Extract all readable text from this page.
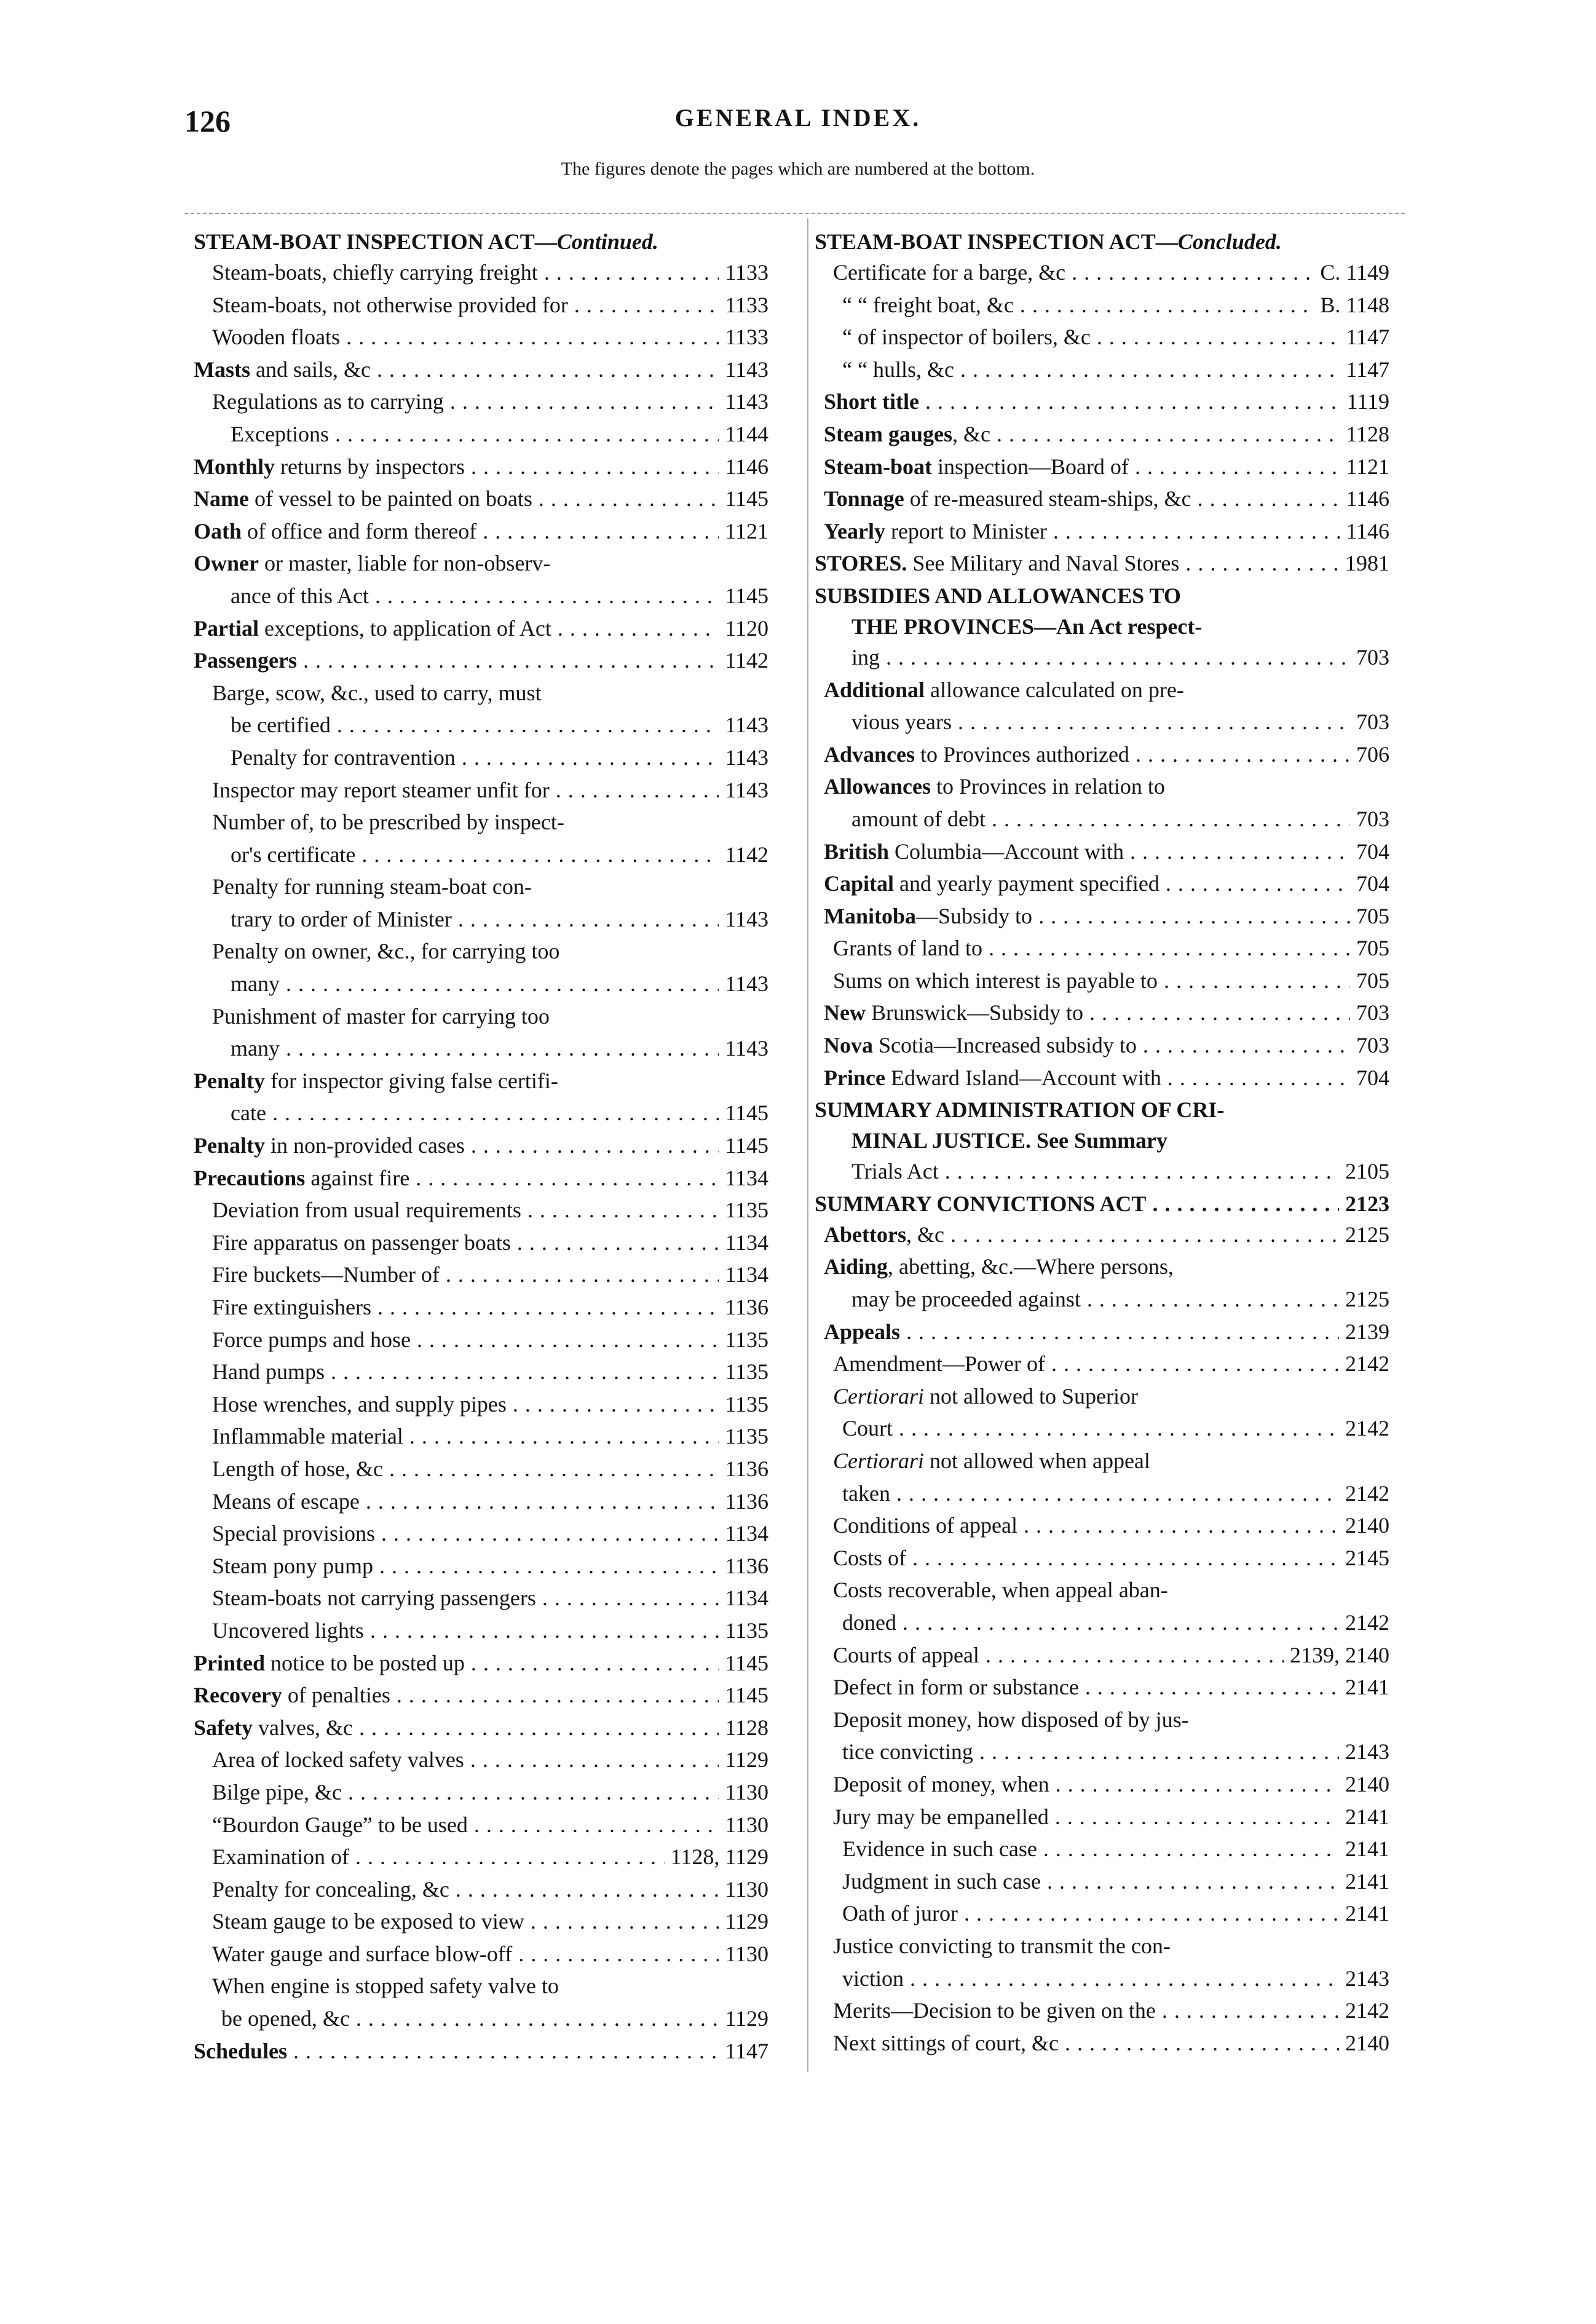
126	GENERAL INDEX.
The figures denote the pages which are numbered at the bottom.
STEAM-BOAT INSPECTION ACT—Continued.
Steam-boats, chiefly carrying freight . . .	1133
Steam-boats, not otherwise provided for . . .	1133
Wooden floats . . .	1133
Masts and sails, &c . . .	1143
Regulations as to carrying . . .	1143
Exceptions . . .	1144
Monthly returns by inspectors . . .	1146
Name of vessel to be painted on boats . . .	1145
Oath of office and form thereof . . .	1121
Owner or master, liable for non-observ-
ance of this Act . . .	1145
Partial exceptions, to application of Act . . .	1120
Passengers . . .	1142
Barge, scow, &c., used to carry, must
be certified . . .	1143
Penalty for contravention . . .	1143
Inspector may report steamer unfit for . . .	1143
Number of, to be prescribed by inspect-
or's certificate . . .	1142
Penalty for running steam-boat con-
trary to order of Minister . . .	1143
Penalty on owner, &c., for carrying too
many . . .	1143
Punishment of master for carrying too
many . . .	1143
Penalty for inspector giving false certifi-
cate . . .	1145
Penalty in non-provided cases . . .	1145
Precautions against fire . . .	1134
Deviation from usual requirements . . .	1135
Fire apparatus on passenger boats . . .	1134
Fire buckets—Number of . . .	1134
Fire extinguishers . . .	1136
Force pumps and hose . . .	1135
Hand pumps . . .	1135
Hose wrenches, and supply pipes . . .	1135
Inflammable material . . .	1135
Length of hose, &c . . .	1136
Means of escape . . .	1136
Special provisions . . .	1134
Steam pony pump . . .	1136
Steam-boats not carrying passengers . . .	1134
Uncovered lights . . .	1135
Printed notice to be posted up . . .	1145
Recovery of penalties . . .	1145
Safety valves, &c . . .	1128
Area of locked safety valves . . .	1129
Bilge pipe, &c . . .	1130
“Bourdon Gauge” to be used . . .	1130
Examination of . . .	1128, 1129
Penalty for concealing, &c . . .	1130
Steam gauge to be exposed to view . . .	1129
Water gauge and surface blow-off . . .	1130
When engine is stopped safety valve to
be opened, &c . . .	1129
Schedules . . .	1147
STEAM-BOAT INSPECTION ACT—Concluded.
Certificate for a barge, &c . . .	C. 1149
“ “ freight boat, &c . . .	B. 1148
“ of inspector of boilers, &c . . .	1147
“ “ hulls, &c . . .	1147
Short title . . .	1119
Steam gauges, &c . . .	1128
Steam-boat inspection—Board of . . .	1121
Tonnage of re-measured steam-ships, &c . . .	1146
Yearly report to Minister . . .	1146
STORES. See Military and Naval Stores . . .	1981
SUBSIDIES AND ALLOWANCES TO
THE PROVINCES—An Act respect-
ing . . .	703
Additional allowance calculated on pre-
vious years . . .	703
Advances to Provinces authorized . . .	706
Allowances to Provinces in relation to
amount of debt . . .	703
British Columbia—Account with . . .	704
Capital and yearly payment specified . . .	704
Manitoba—Subsidy to . . .	705
Grants of land to . . .	705
Sums on which interest is payable to . . .	705
New Brunswick—Subsidy to . . .	703
Nova Scotia—Increased subsidy to . . .	703
Prince Edward Island—Account with . . .	704
SUMMARY ADMINISTRATION OF CRI-
MINAL JUSTICE. See Summary
Trials Act . . .	2105
SUMMARY CONVICTIONS ACT . . .	2123
Abettors, &c . . .	2125
Aiding, abetting, &c.—Where persons,
may be proceeded against . . .	2125
Appeals . . .	2139
Amendment—Power of . . .	2142
Certiorari not allowed to Superior
Court . . .	2142
Certiorari not allowed when appeal
taken . . .	2142
Conditions of appeal . . .	2140
Costs of . . .	2145
Costs recoverable, when appeal aban-
doned . . .	2142
Courts of appeal . . .	2139, 2140
Defect in form or substance . . .	2141
Deposit money, how disposed of by jus-
tice convicting . . .	2143
Deposit of money, when . . .	2140
Jury may be empanelled . . .	2141
Evidence in such case . . .	2141
Judgment in such case . . .	2141
Oath of juror . . .	2141
Justice convicting to transmit the con-
viction . . .	2143
Merits—Decision to be given on the . . .	2142
Next sittings of court, &c . . .	2140
